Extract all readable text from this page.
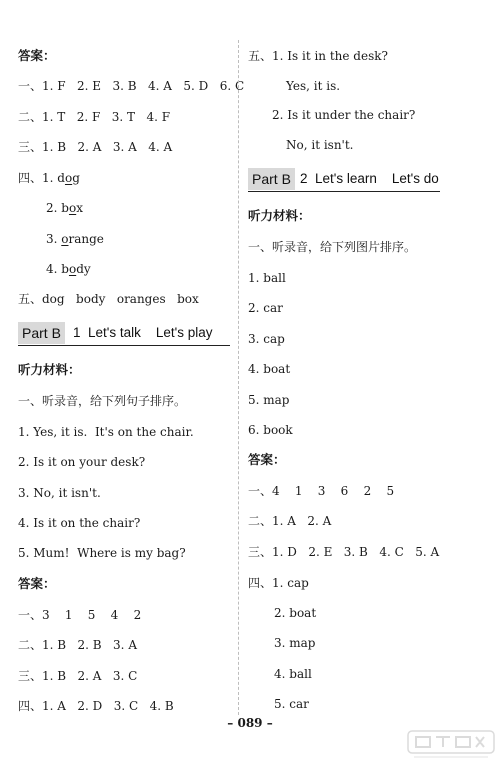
答案：
一、1. F   2. E   3. B   4. A   5. D   6. C
二、1. T   2. F   3. T   4. F
三、1. B   2. A   3. A   4. A
四、1. dog
2. box
3. orange
4. body
五、dog   body   oranges   box
Part B 1  Let's talk    Let's play
听力材料：
一、听录音，给下列句子排序。
1. Yes, it is.  It's on the chair.
2. Is it on your desk?
3. No, it isn't.
4. Is it on the chair?
5. Mum!  Where is my bag?
答案：
一、3    1    5    4    2
二、1. B   2. B   3. A
三、1. B   2. A   3. C
四、1. A   2. D   3. C   4. B
五、1. Is it in the desk?
Yes, it is.
2. Is it under the chair?
No, it isn't.
Part B 2  Let's learn    Let's do
听力材料：
一、听录音，给下列图片排序。
1. ball
2. car
3. cap
4. boat
5. map
6. book
答案：
一、4    1    3    6    2    5
二、1. A   2. A
三、1. D   2. E   3. B   4. C   5. A
四、1. cap
2. boat
3. map
4. ball
5. car
– 089 –
